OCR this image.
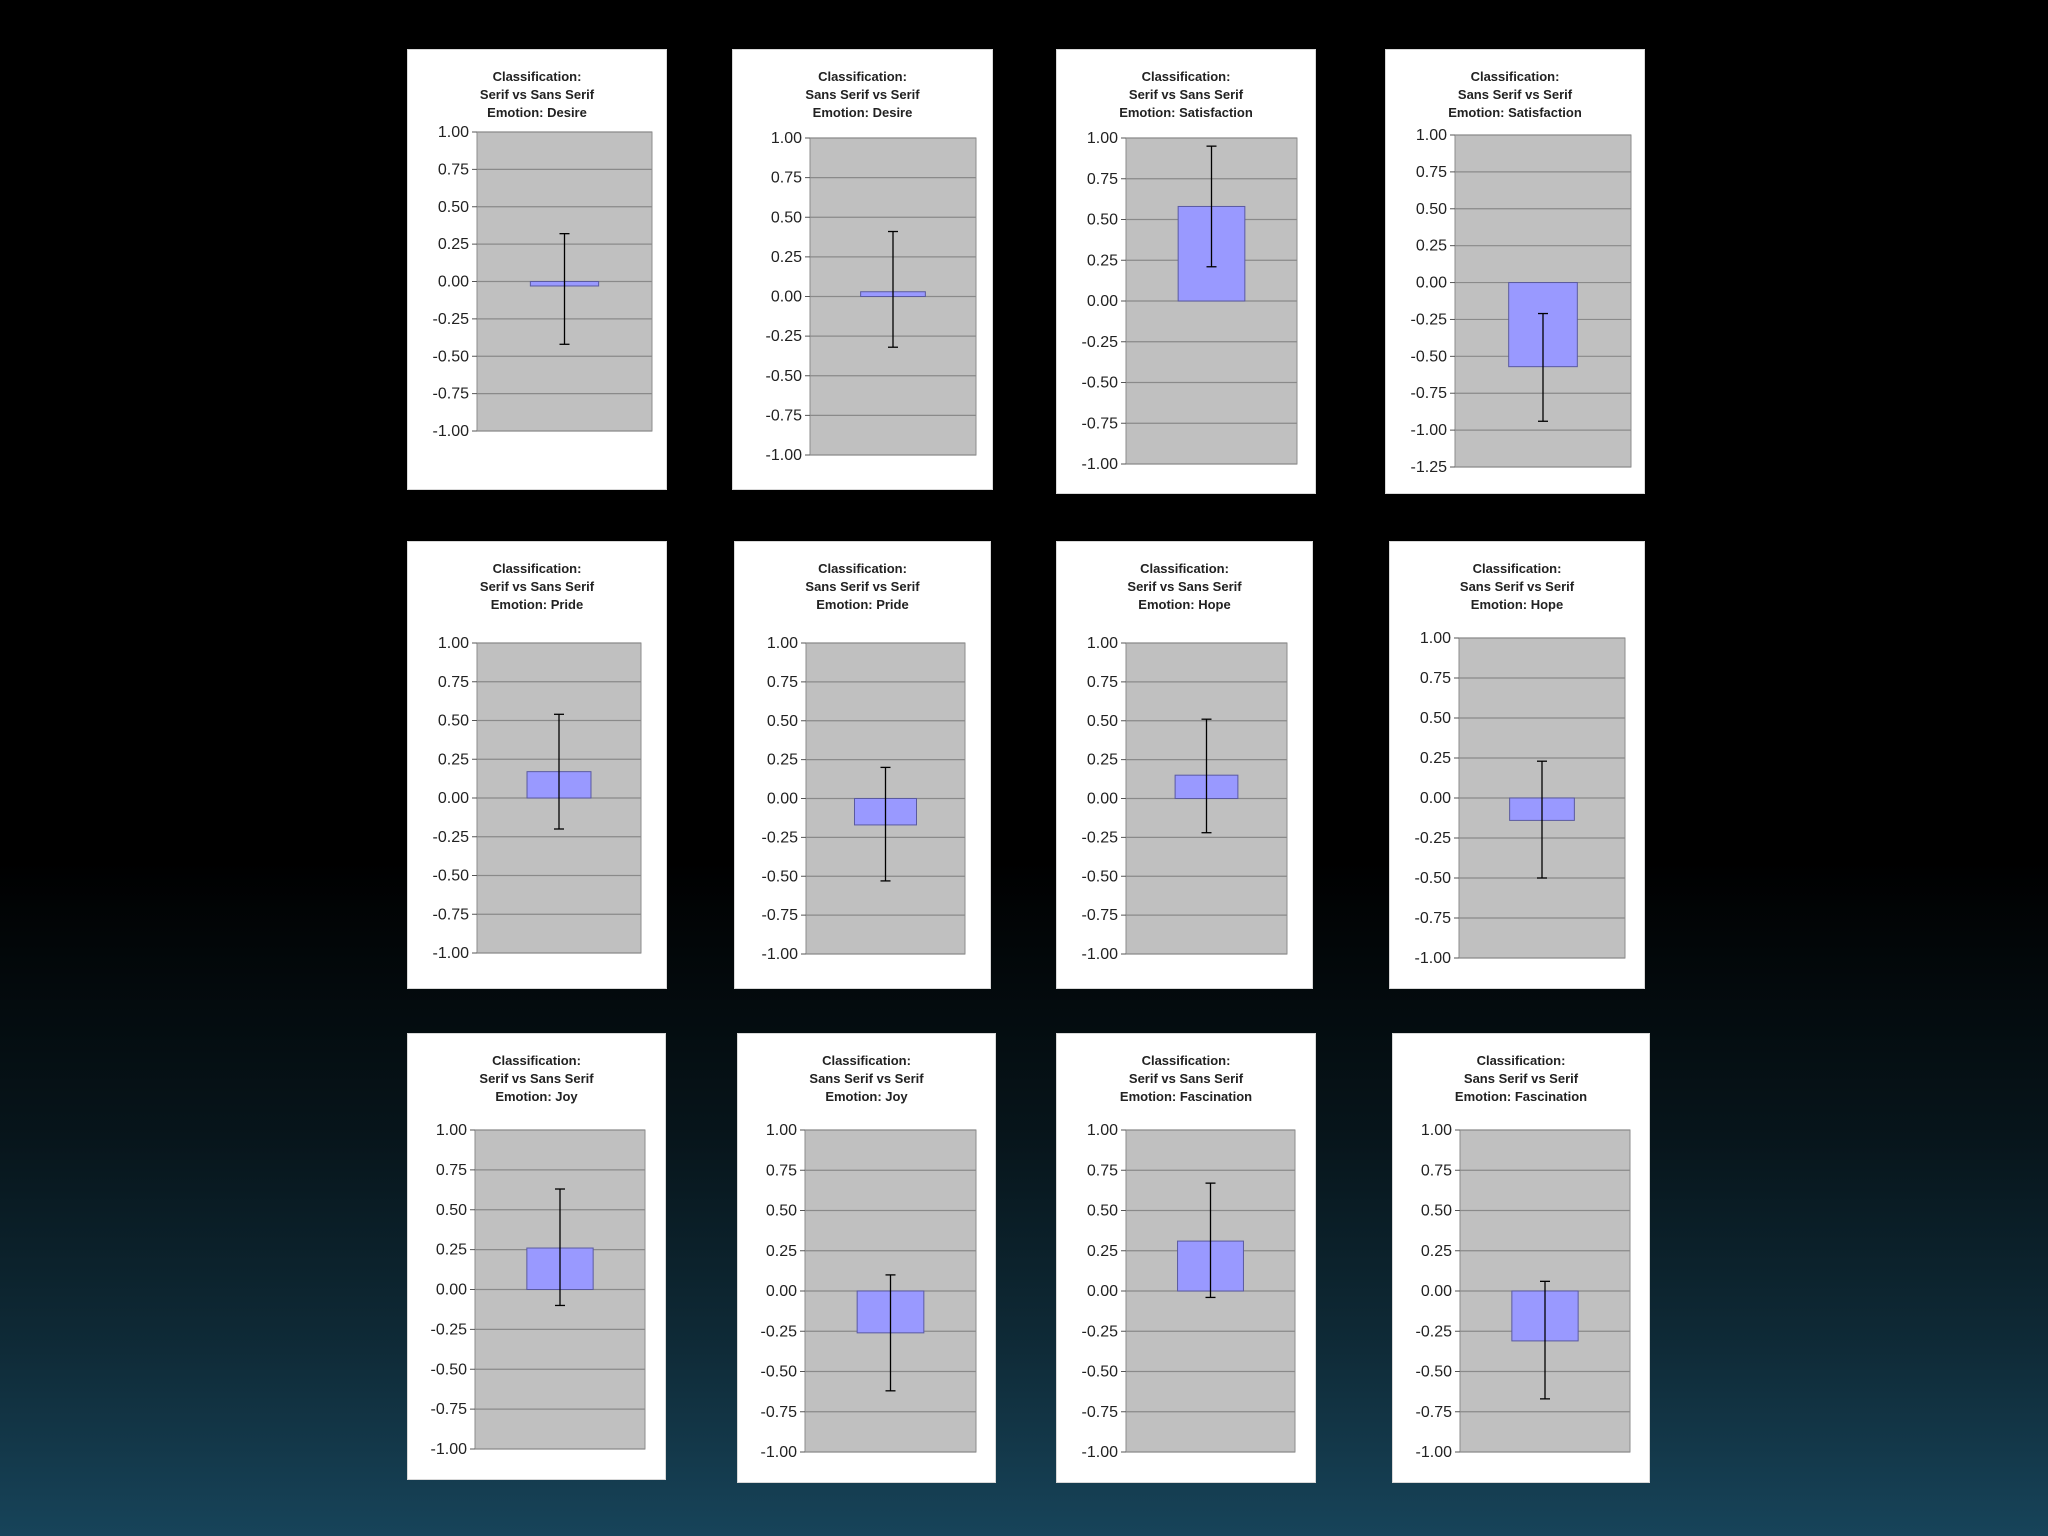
Classification:
Serif vs Sans Serif
Emotion: Desire
1.00
0.75
0.50
0.25
0.00
-0.25
-0.50
-0.75
-1.00
Classification:
Sans Serif vs Serif
Emotion: Desire
1.00
0.75
0.50
0.25
0.00
-0.25
-0.50
-0.75
-1.00
Classification:
Serif vs Sans Serif
Emotion: Satisfaction
1.00
0.75
0.50
0.25
0.00
-0.25
-0.50
-0.75
-1.00
Classification:
Sans Serif vs Serif
Emotion: Satisfaction
1.00
0.75
0.50
0.25
0.00
-0.25
-0.50
-0.75
-1.00
-1.25
Classification:
Serif vs Sans Serif
Emotion: Pride
1.00
0.75
0.50
0.25
0.00
-0.25
-0.50
-0.75
-1.00
Classification:
Sans Serif vs Serif
Emotion: Pride
1.00
0.75
0.50
0.25
0.00
-0.25
-0.50
-0.75
-1.00
Classification:
Serif vs Sans Serif
Emotion: Hope
1.00
0.75
0.50
0.25
0.00
-0.25
-0.50
-0.75
-1.00
Classification:
Sans Serif vs Serif
Emotion: Hope
1.00
0.75
0.50
0.25
0.00
-0.25
-0.50
-0.75
-1.00
Classification:
Serif vs Sans Serif
Emotion: Joy
1.00
0.75
0.50
0.25
0.00
-0.25
-0.50
-0.75
-1.00
Classification:
Sans Serif vs Serif
Emotion: Joy
1.00
0.75
0.50
0.25
0.00
-0.25
-0.50
-0.75
-1.00
Classification:
Serif vs Sans Serif
Emotion: Fascination
1.00
0.75
0.50
0.25
0.00
-0.25
-0.50
-0.75
-1.00
Classification:
Sans Serif vs Serif
Emotion: Fascination
1.00
0.75
0.50
0.25
0.00
-0.25
-0.50
-0.75
-1.00
